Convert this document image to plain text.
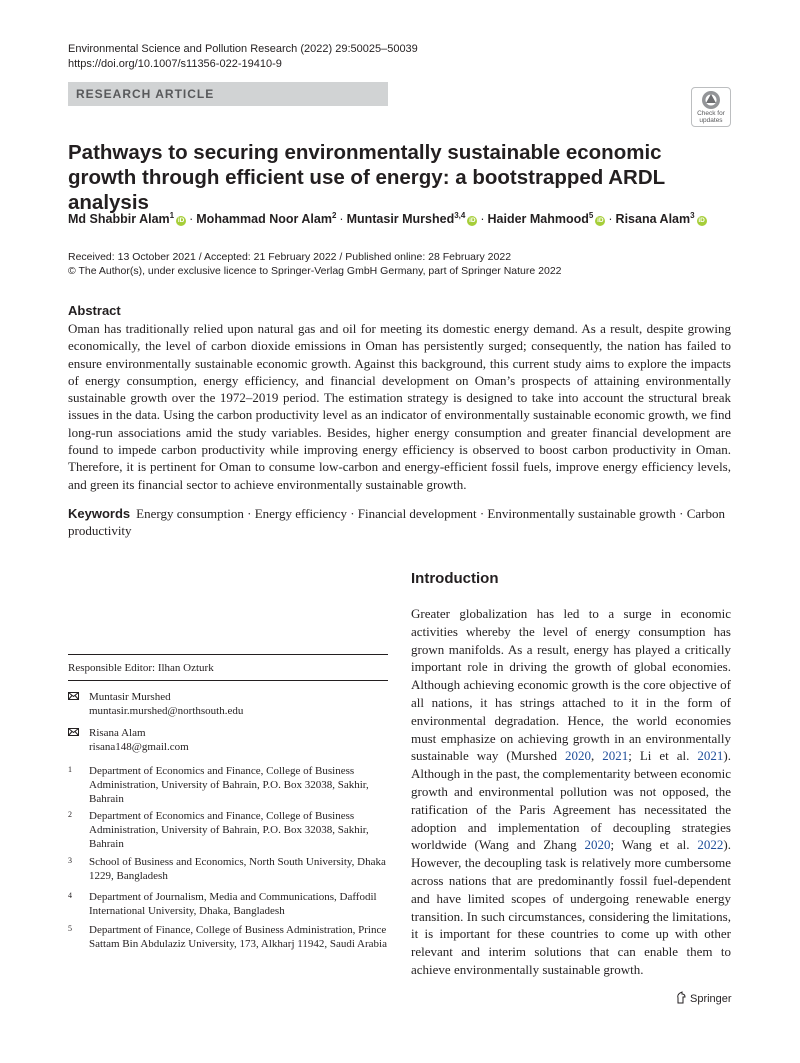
Environmental Science and Pollution Research (2022) 29:50025–50039
https://doi.org/10.1007/s11356-022-19410-9
RESEARCH ARTICLE
Check for updates
Pathways to securing environmentally sustainable economic growth through efficient use of energy: a bootstrapped ARDL analysis
Md Shabbir Alam$^1$iD · Mohammad Noor Alam$^2$ · Muntasir Murshed$^{3,4}$iD · Haider Mahmood$^5$iD · Risana Alam$^3$iD
Received: 13 October 2021 / Accepted: 21 February 2022 / Published online: 28 February 2022
© The Author(s), under exclusive licence to Springer-Verlag GmbH Germany, part of Springer Nature 2022
Abstract
Oman has traditionally relied upon natural gas and oil for meeting its domestic energy demand. As a result, despite growing economically, the level of carbon dioxide emissions in Oman has persistently surged; consequently, the nation has failed to ensure environmentally sustainable economic growth. Against this background, this current study aims to explore the impacts of energy consumption, energy efficiency, and financial development on Oman’s prospects of attaining environmentally sustainable growth over the 1972–2019 period. The estimation strategy is designed to take into account the structural break issues in the data. Using the carbon productivity level as an indicator of environmentally sustainable economic growth, we find long-run associations amid the study variables. Besides, higher energy consumption and greater financial development are found to impede carbon productivity while improving energy efficiency is observed to boost carbon productivity in Oman. Therefore, it is pertinent for Oman to consume low-carbon and energy-efficient fossil fuels, improve energy efficiency levels, and green its financial sector to achieve environmentally sustainable growth.
Keywords Energy consumption · Energy efficiency · Financial development · Environmentally sustainable growth · Carbon productivity
Introduction
Greater globalization has led to a surge in economic activities whereby the level of energy consumption has grown manifolds. As a result, energy has played a critically important role in driving the growth of global economies. Although achieving economic growth is the core objective of all nations, it has strings attached to it in the form of environmental degradation. Hence, the world economies must emphasize on achieving growth in an environmentally sustainable way (Murshed 2020, 2021; Li et al. 2021). Although in the past, the complementarity between economic growth and environmental pollution was not opposed, the ratification of the Paris Agreement has necessitated the adoption and implementation of decoupling strategies worldwide (Wang and Zhang 2020; Wang et al. 2022). However, the decoupling task is relatively more cumbersome across nations that are predominantly fossil fuel-dependent and have limited scopes of undergoing renewable energy transition. In such circumstances, considering the limitations, it is important for these countries to come up with other relevant and interim solutions that can enable them to achieve environmentally sustainable growth.
Responsible Editor: Ilhan Ozturk
Muntasir Murshed
muntasir.murshed@northsouth.edu
Risana Alam
risana148@gmail.com
1 Department of Economics and Finance, College of Business Administration, University of Bahrain, P.O. Box 32038, Sakhir, Bahrain
2 Department of Economics and Finance, College of Business Administration, University of Bahrain, P.O. Box 32038, Sakhir, Bahrain
3 School of Business and Economics, North South University, Dhaka 1229, Bangladesh
4 Department of Journalism, Media and Communications, Daffodil International University, Dhaka, Bangladesh
5 Department of Finance, College of Business Administration, Prince Sattam Bin Abdulaziz University, 173, Alkharj 11942, Saudi Arabia
Springer
